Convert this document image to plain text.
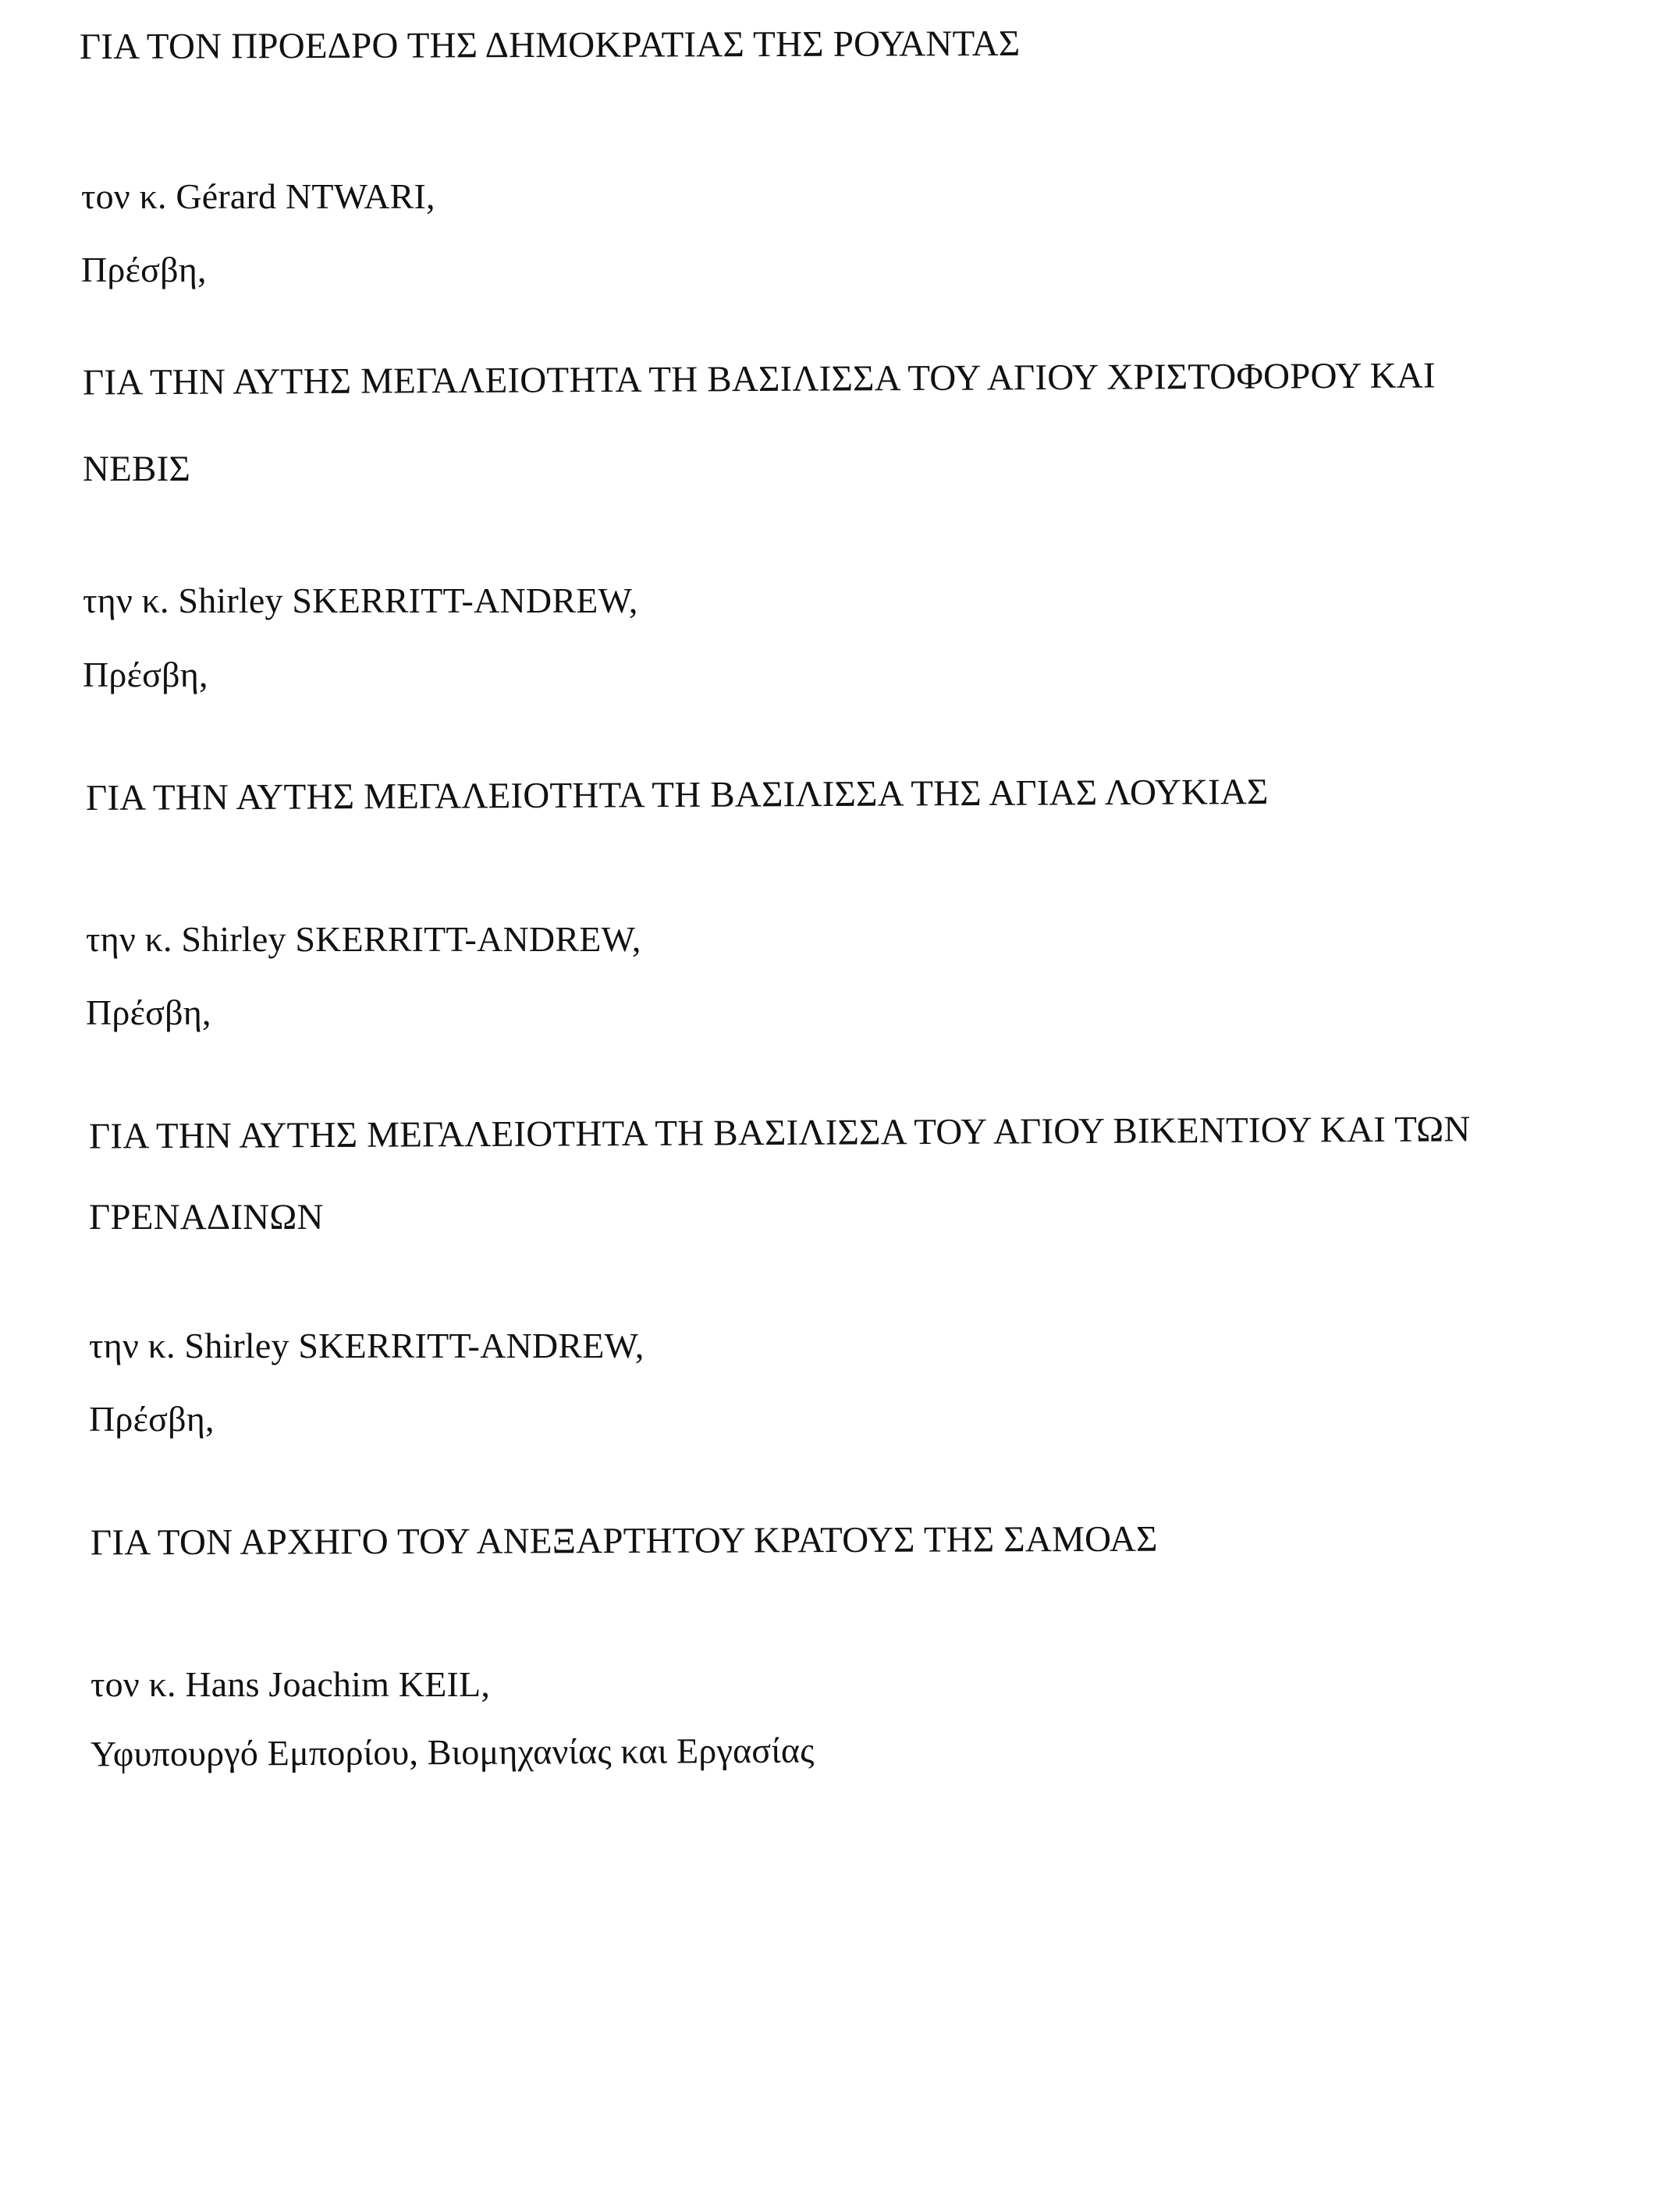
ΓΙΑ ΤΟΝ ΠΡΟΕΔΡΟ ΤΗΣ ΔΗΜΟΚΡΑΤΙΑΣ ΤΗΣ ΡΟΥΑΝΤΑΣ

τον κ. Gérard NTWARI,

Πρέσβη,

ΓΙΑ ΤΗΝ ΑΥΤΗΣ ΜΕΓΑΛΕΙΟΤΗΤΑ ΤΗ ΒΑΣΙΛΙΣΣΑ ΤΟΥ ΑΓΙΟΥ ΧΡΙΣΤΟΦΟΡΟΥ ΚΑΙ

ΝΕΒΙΣ

την κ. Shirley SKERRITT-ANDREW,

Πρέσβη,

ΓΙΑ ΤΗΝ ΑΥΤΗΣ ΜΕΓΑΛΕΙΟΤΗΤΑ ΤΗ ΒΑΣΙΛΙΣΣΑ ΤΗΣ ΑΓΙΑΣ ΛΟΥΚΙΑΣ

την κ. Shirley SKERRITT-ANDREW,

Πρέσβη,

ΓΙΑ ΤΗΝ ΑΥΤΗΣ ΜΕΓΑΛΕΙΟΤΗΤΑ ΤΗ ΒΑΣΙΛΙΣΣΑ ΤΟΥ ΑΓΙΟΥ ΒΙΚΕΝΤΙΟΥ ΚΑΙ ΤΩΝ

ΓΡΕΝΑΔΙΝΩΝ

την κ. Shirley SKERRITT-ANDREW,

Πρέσβη,

ΓΙΑ ΤΟΝ ΑΡΧΗΓΟ ΤΟΥ ΑΝΕΞΑΡΤΗΤΟΥ ΚΡΑΤΟΥΣ ΤΗΣ ΣΑΜΟΑΣ

τον κ. Hans Joachim KEIL,

Υφυπουργό Εμπορίου, Βιομηχανίας και Εργασίας
